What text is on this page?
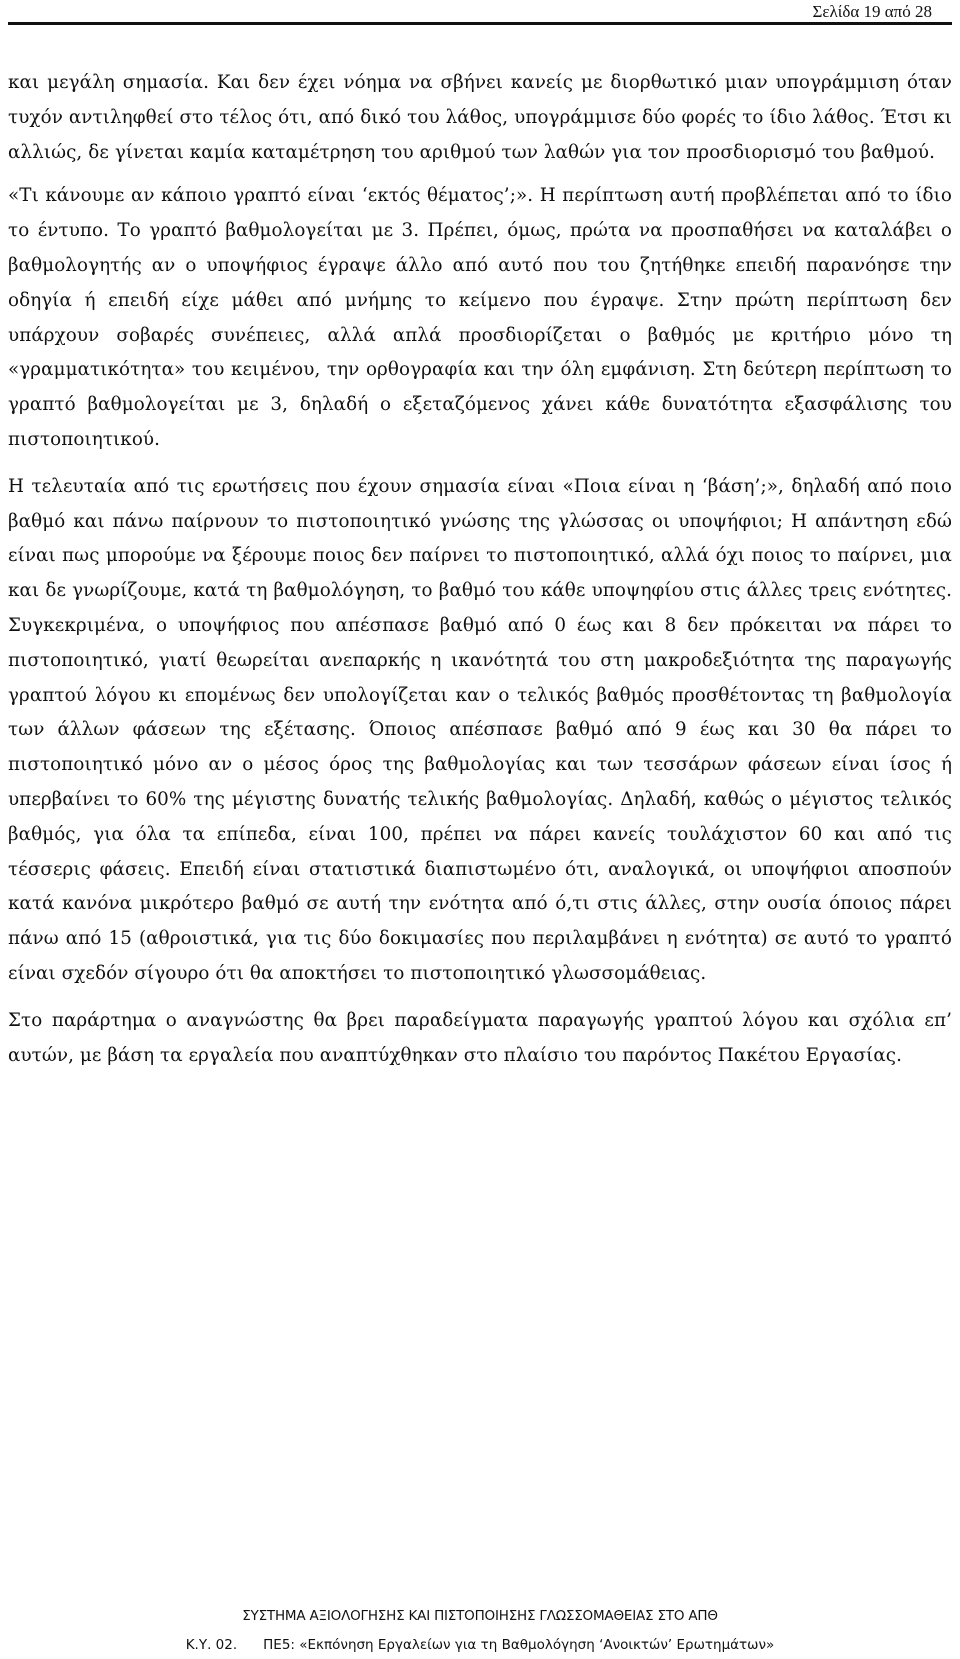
Σελίδα 19 από 28

και μεγάλη σημασία. Και δεν έχει νόημα να σβήνει κανείς με διορθωτικό μιαν υπογράμμιση όταν τυχόν αντιληφθεί στο τέλος ότι, από δικό του λάθος, υπογράμμισε δύο φορές το ίδιο λάθος. Έτσι κι αλλιώς, δε γίνεται καμία καταμέτρηση του αριθμού των λαθών για τον προσδιορισμό του βαθμού.

«Τι κάνουμε αν κάποιο γραπτό είναι ‘εκτός θέματος’;». Η περίπτωση αυτή προβλέπεται από το ίδιο το έντυπο. Το γραπτό βαθμολογείται με 3. Πρέπει, όμως, πρώτα να προσπαθήσει να καταλάβει ο βαθμολογητής αν ο υποψήφιος έγραψε άλλο από αυτό που του ζητήθηκε επειδή παρανόησε την οδηγία ή επειδή είχε μάθει από μνήμης το κείμενο που έγραψε. Στην πρώτη περίπτωση δεν υπάρχουν σοβαρές συνέπειες, αλλά απλά προσδιορίζεται ο βαθμός με κριτήριο μόνο τη «γραμματικότητα» του κειμένου, την ορθογραφία και την όλη εμφάνιση. Στη δεύτερη περίπτωση το γραπτό βαθμολογείται με 3, δηλαδή ο εξεταζόμενος χάνει κάθε δυνατότητα εξασφάλισης του πιστοποιητικού.

Η τελευταία από τις ερωτήσεις που έχουν σημασία είναι «Ποια είναι η ‘βάση’;», δηλαδή από ποιο βαθμό και πάνω παίρνουν το πιστοποιητικό γνώσης της γλώσσας οι υποψήφιοι; Η απάντηση εδώ είναι πως μπορούμε να ξέρουμε ποιος δεν παίρνει το πιστοποιητικό, αλλά όχι ποιος το παίρνει, μια και δε γνωρίζουμε, κατά τη βαθμολόγηση, το βαθμό του κάθε υποψηφίου στις άλλες τρεις ενότητες. Συγκεκριμένα, ο υποψήφιος που απέσπασε βαθμό από 0 έως και 8 δεν πρόκειται να πάρει το πιστοποιητικό, γιατί θεωρείται ανεπαρκής η ικανότητά του στη μακροδεξιότητα της παραγωγής γραπτού λόγου κι επομένως δεν υπολογίζεται καν ο τελικός βαθμός προσθέτοντας τη βαθμολογία των άλλων φάσεων της εξέτασης. Όποιος απέσπασε βαθμό από 9 έως και 30 θα πάρει το πιστοποιητικό μόνο αν ο μέσος όρος της βαθμολογίας και των τεσσάρων φάσεων είναι ίσος ή υπερβαίνει το 60% της μέγιστης δυνατής τελικής βαθμολογίας. Δηλαδή, καθώς ο μέγιστος τελικός βαθμός, για όλα τα επίπεδα, είναι 100, πρέπει να πάρει κανείς τουλάχιστον 60 και από τις τέσσερις φάσεις. Επειδή είναι στατιστικά διαπιστωμένο ότι, αναλογικά, οι υποψήφιοι αποσπούν κατά κανόνα μικρότερο βαθμό σε αυτή την ενότητα από ό,τι στις άλλες, στην ουσία όποιος πάρει πάνω από 15 (αθροιστικά, για τις δύο δοκιμασίες που περιλαμβάνει η ενότητα) σε αυτό το γραπτό είναι σχεδόν σίγουρο ότι θα αποκτήσει το πιστοποιητικό γλωσσομάθειας.

Στο παράρτημα ο αναγνώστης θα βρει παραδείγματα παραγωγής γραπτού λόγου και σχόλια επ’ αυτών, με βάση τα εργαλεία που αναπτύχθηκαν στο πλαίσιο του παρόντος Πακέτου Εργασίας.

ΣΥΣΤΗΜΑ ΑΞΙΟΛΟΓΗΣΗΣ ΚΑΙ ΠΙΣΤΟΠΟΙΗΣΗΣ ΓΛΩΣΣΟΜΑΘΕΙΑΣ ΣΤΟ ΑΠΘ
Κ.Υ. 02. ΠΕ5: «Εκπόνηση Εργαλείων για τη Βαθμολόγηση ‘Ανοικτών’ Ερωτημάτων»
